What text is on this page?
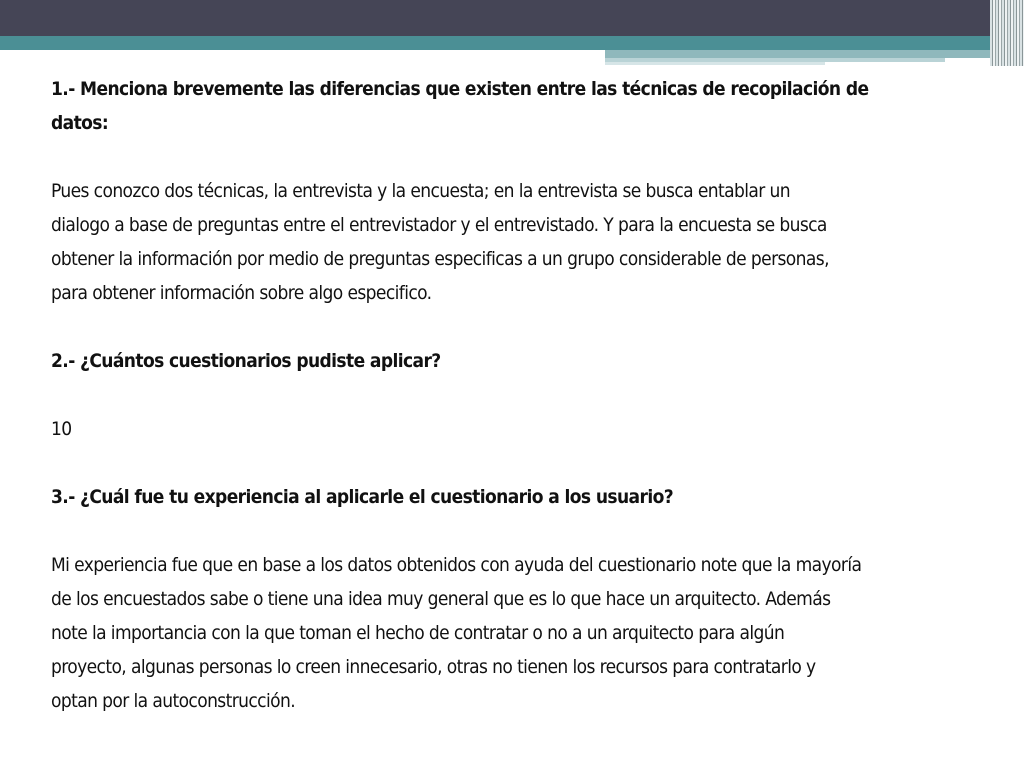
1.- Menciona brevemente las diferencias que existen entre las técnicas de recopilación de
datos:
Pues conozco dos técnicas, la entrevista y la encuesta; en la entrevista se busca entablar un
dialogo a base de preguntas entre el entrevistador y el entrevistado. Y para la encuesta se busca
obtener la información por medio de preguntas especificas a un grupo considerable de personas,
para obtener información sobre algo especifico.
2.- ¿Cuántos cuestionarios pudiste aplicar?
10
3.- ¿Cuál fue tu experiencia al aplicarle el cuestionario a los usuario?
Mi experiencia fue que en base a los datos obtenidos con ayuda del cuestionario note que la mayoría
de los encuestados sabe o tiene una idea muy general que es lo que hace un arquitecto. Además
note la importancia con la que toman el hecho de contratar o no a un arquitecto para algún
proyecto, algunas personas lo creen innecesario, otras no tienen los recursos para contratarlo y
optan por la autoconstrucción.
